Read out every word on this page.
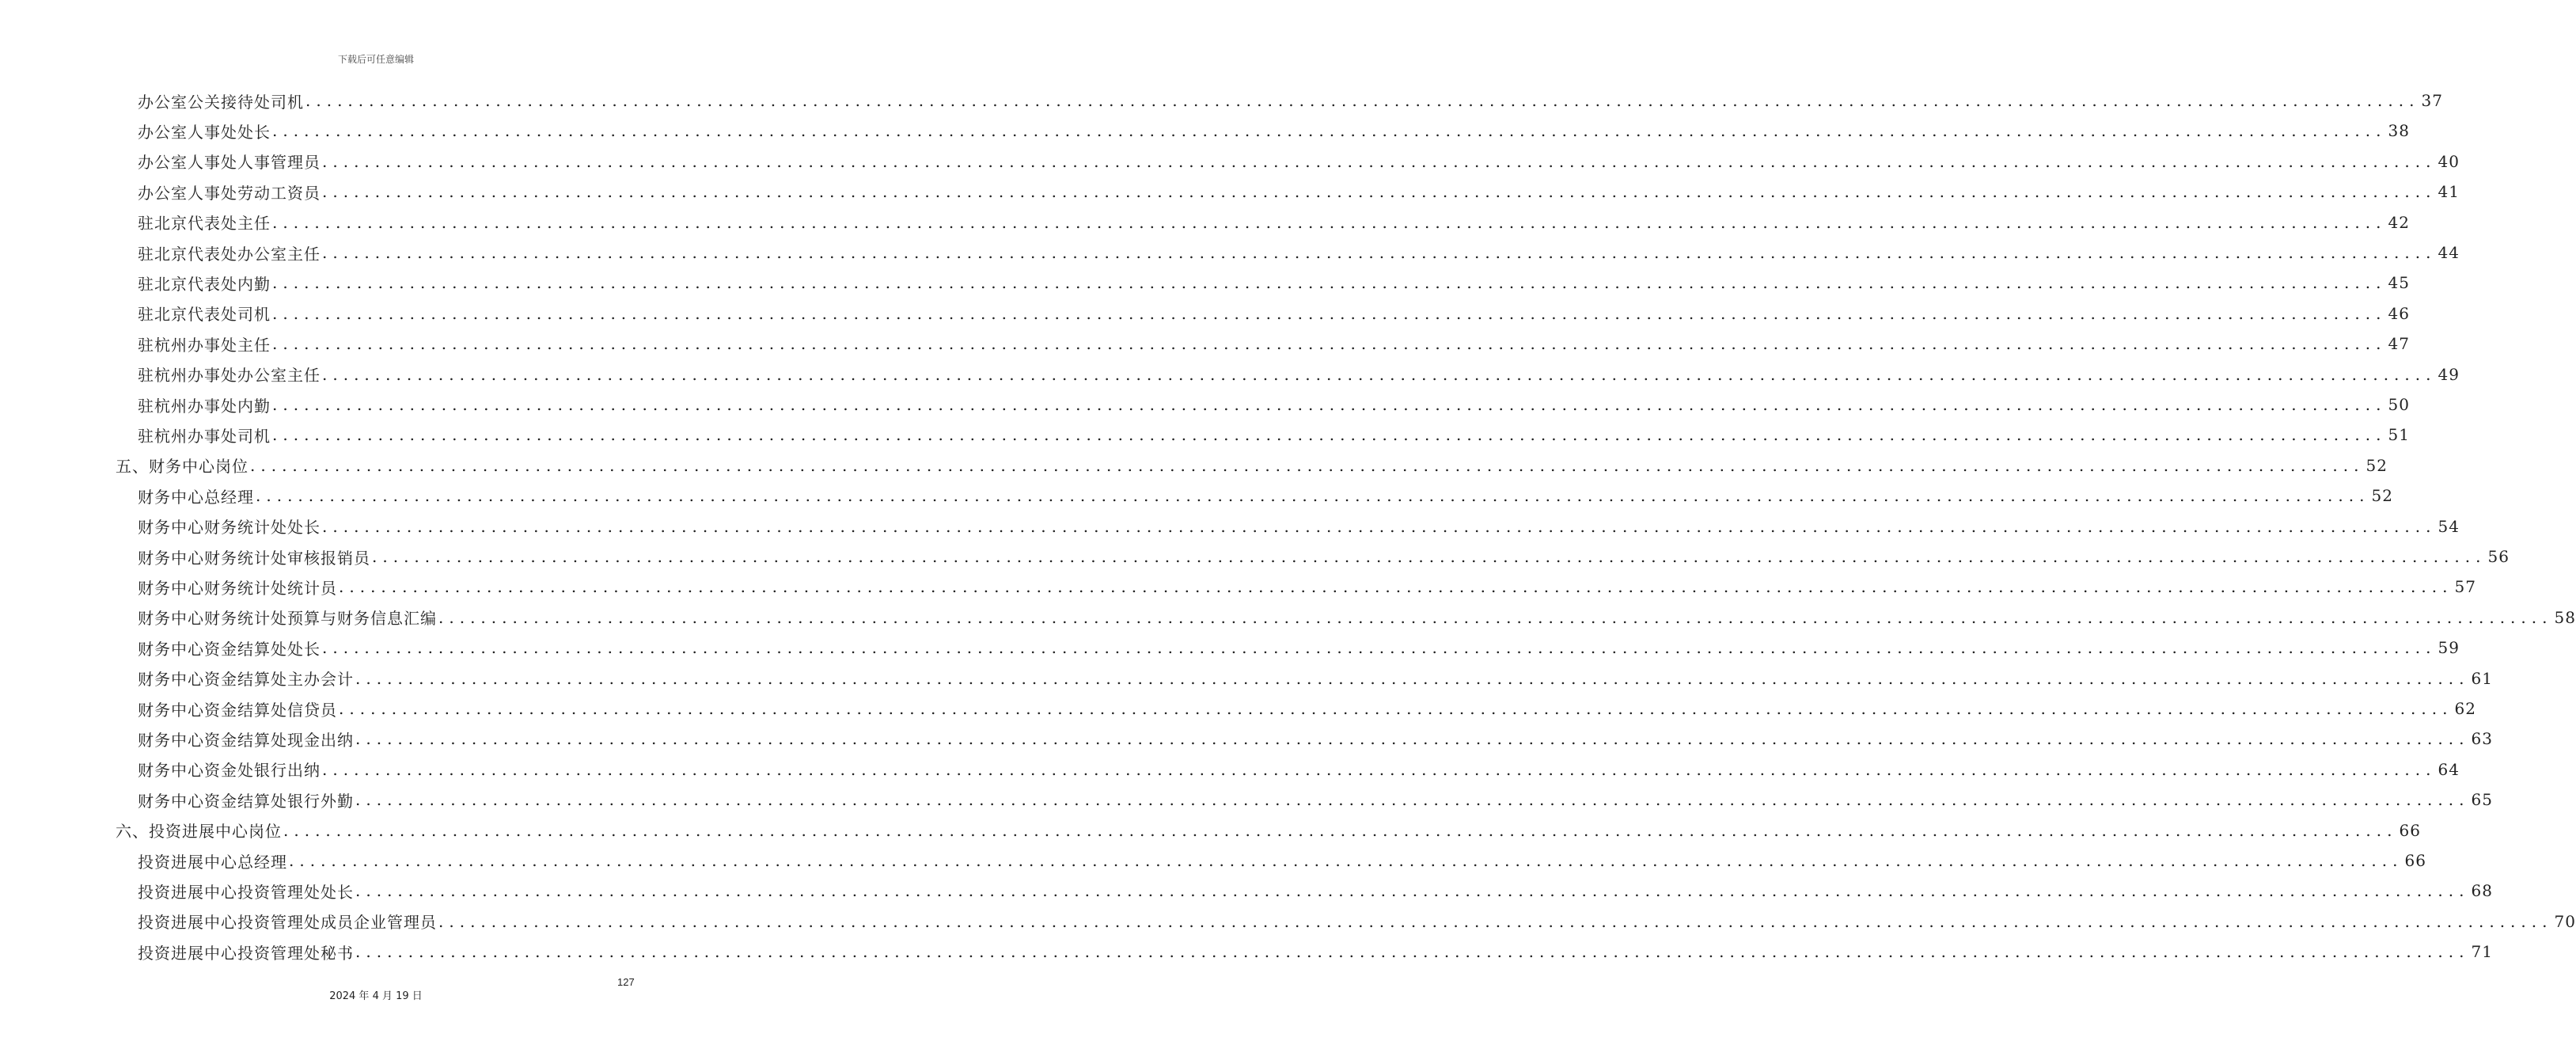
下载后可任意编辑
办公室公关接待处司机 ........................................................................................................................................................................................................ 37
办公室人事处处长 ........................................................................................................................................................................................................ 38
办公室人事处人事管理员 ........................................................................................................................................................................................................ 40
办公室人事处劳动工资员 ........................................................................................................................................................................................................ 41
驻北京代表处主任 ........................................................................................................................................................................................................ 42
驻北京代表处办公室主任 ........................................................................................................................................................................................................ 44
驻北京代表处内勤 ........................................................................................................................................................................................................ 45
驻北京代表处司机 ........................................................................................................................................................................................................ 46
驻杭州办事处主任 ........................................................................................................................................................................................................ 47
驻杭州办事处办公室主任 ........................................................................................................................................................................................................ 49
驻杭州办事处内勤 ........................................................................................................................................................................................................ 50
驻杭州办事处司机 ........................................................................................................................................................................................................ 51
五、财务中心岗位 ........................................................................................................................................................................................................ 52
财务中心总经理 ........................................................................................................................................................................................................ 52
财务中心财务统计处处长 ........................................................................................................................................................................................................ 54
财务中心财务统计处审核报销员 ........................................................................................................................................................................................................ 56
财务中心财务统计处统计员 ........................................................................................................................................................................................................ 57
财务中心财务统计处预算与财务信息汇编 ........................................................................................................................................................................................................ 58
财务中心资金结算处处长 ........................................................................................................................................................................................................ 59
财务中心资金结算处主办会计 ........................................................................................................................................................................................................ 61
财务中心资金结算处信贷员 ........................................................................................................................................................................................................ 62
财务中心资金结算处现金出纳 ........................................................................................................................................................................................................ 63
财务中心资金处银行出纳 ........................................................................................................................................................................................................ 64
财务中心资金结算处银行外勤 ........................................................................................................................................................................................................ 65
六、投资进展中心岗位 ........................................................................................................................................................................................................ 66
投资进展中心总经理 ........................................................................................................................................................................................................ 66
投资进展中心投资管理处处长 ........................................................................................................................................................................................................ 68
投资进展中心投资管理处成员企业管理员 ........................................................................................................................................................................................................ 70
投资进展中心投资管理处秘书 ........................................................................................................................................................................................................ 71
127
2024 年 4 月 19 日
